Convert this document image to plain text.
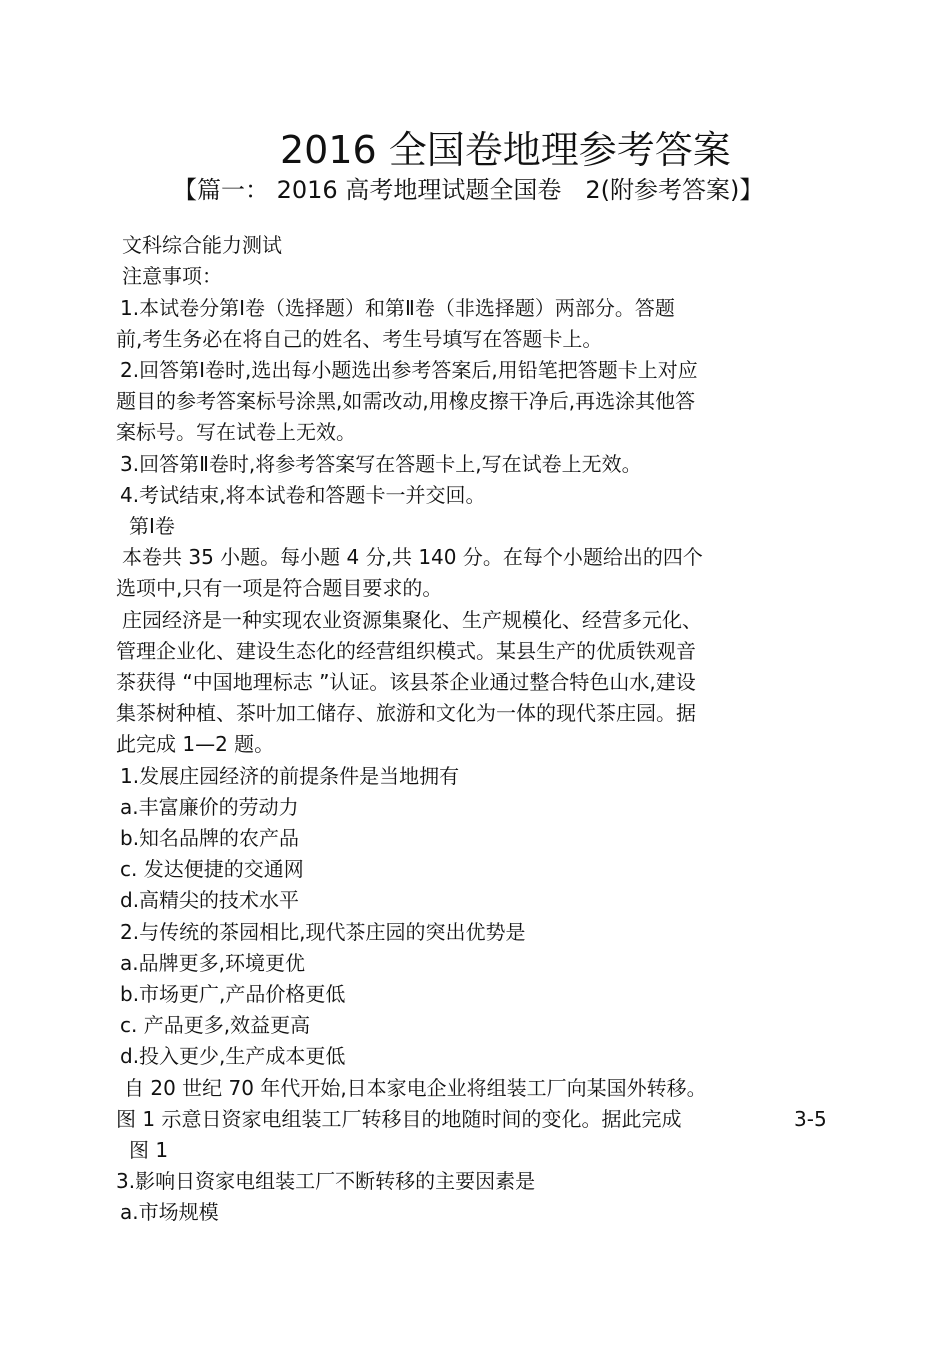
2016 全国卷地理参考答案
【篇一： 2016 高考地理试题全国卷　2(附参考答案)】
文科综合能力测试
注意事项：
1.本试卷分第Ⅰ卷（选择题）和第Ⅱ卷（非选择题）两部分。答题
前,考生务必在将自己的姓名、考生号填写在答题卡上。
2.回答第Ⅰ卷时,选出每小题选出参考答案后,用铅笔把答题卡上对应
题目的参考答案标号涂黑,如需改动,用橡皮擦干净后,再选涂其他答
案标号。写在试卷上无效。
3.回答第Ⅱ卷时,将参考答案写在答题卡上,写在试卷上无效。
4.考试结束,将本试卷和答题卡一并交回。
第Ⅰ卷
本卷共 35 小题。每小题 4 分,共 140 分。在每个小题给出的四个
选项中,只有一项是符合题目要求的。
庄园经济是一种实现农业资源集聚化、生产规模化、经营多元化、
管理企业化、建设生态化的经营组织模式。某县生产的优质铁观音
茶获得 “中国地理标志 ”认证。该县茶企业通过整合特色山水,建设
集茶树种植、茶叶加工储存、旅游和文化为一体的现代茶庄园。据
此完成 1—2 题。
1.发展庄园经济的前提条件是当地拥有
a.丰富廉价的劳动力
b.知名品牌的农产品
c. 发达便捷的交通网
d.高精尖的技术水平
2.与传统的茶园相比,现代茶庄园的突出优势是
a.品牌更多,环境更优
b.市场更广,产品价格更低
c. 产品更多,效益更高
d.投入更少,生产成本更低
自 20 世纪 70 年代开始,日本家电企业将组装工厂向某国外转移。
图 1 示意日资家电组装工厂转移目的地随时间的变化。据此完成	3-5
图 1
3.影响日资家电组装工厂不断转移的主要因素是
a.市场规模
